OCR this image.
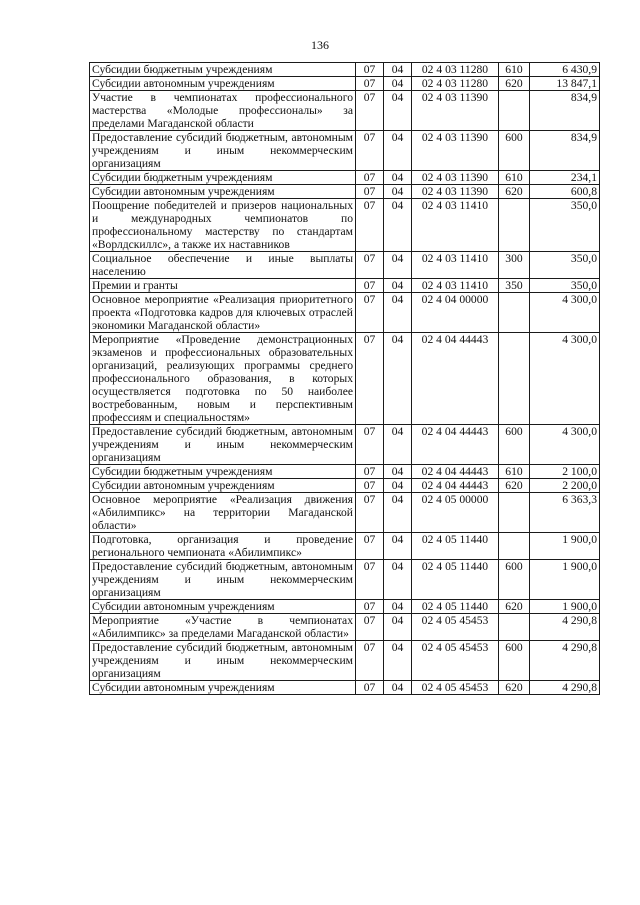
136
Субсидии бюджетным учреждениям	07	04	02 4 03 11280	610	6 430,9
Субсидии автономным учреждениям	07	04	02 4 03 11280	620	13 847,1
Участие в чемпионатах профессионального мастерства «Молодые профессионалы» за пределами Магаданской области	07	04	02 4 03 11390		834,9
Предоставление субсидий бюджетным, автономным учреждениям и иным некоммерческим организациям	07	04	02 4 03 11390	600	834,9
Субсидии бюджетным учреждениям	07	04	02 4 03 11390	610	234,1
Субсидии автономным учреждениям	07	04	02 4 03 11390	620	600,8
Поощрение победителей и призеров национальных и международных чемпионатов по профессиональному мастерству по стандартам «Ворлдскиллс», а также их наставников	07	04	02 4 03 11410		350,0
Социальное обеспечение и иные выплаты населению	07	04	02 4 03 11410	300	350,0
Премии и гранты	07	04	02 4 03 11410	350	350,0
Основное мероприятие «Реализация приоритетного проекта «Подготовка кадров для ключевых отраслей экономики Магаданской области»	07	04	02 4 04 00000		4 300,0
Мероприятие «Проведение демонстрационных экзаменов и профессиональных образовательных организаций, реализующих программы среднего профессионального образования, в которых осуществляется подготовка по 50 наиболее востребованным, новым и перспективным профессиям и специальностям»	07	04	02 4 04 44443		4 300,0
Предоставление субсидий бюджетным, автономным учреждениям и иным некоммерческим организациям	07	04	02 4 04 44443	600	4 300,0
Субсидии бюджетным учреждениям	07	04	02 4 04 44443	610	2 100,0
Субсидии автономным учреждениям	07	04	02 4 04 44443	620	2 200,0
Основное мероприятие «Реализация движения «Абилимпикс» на территории Магаданской области»	07	04	02 4 05 00000		6 363,3
Подготовка, организация и проведение регионального чемпионата «Абилимпикс»	07	04	02 4 05 11440		1 900,0
Предоставление субсидий бюджетным, автономным учреждениям и иным некоммерческим организациям	07	04	02 4 05 11440	600	1 900,0
Субсидии автономным учреждениям	07	04	02 4 05 11440	620	1 900,0
Мероприятие «Участие в чемпионатах «Абилимпикс» за пределами Магаданской области»	07	04	02 4 05 45453		4 290,8
Предоставление субсидий бюджетным, автономным учреждениям и иным некоммерческим организациям	07	04	02 4 05 45453	600	4 290,8
Субсидии автономным учреждениям	07	04	02 4 05 45453	620	4 290,8
